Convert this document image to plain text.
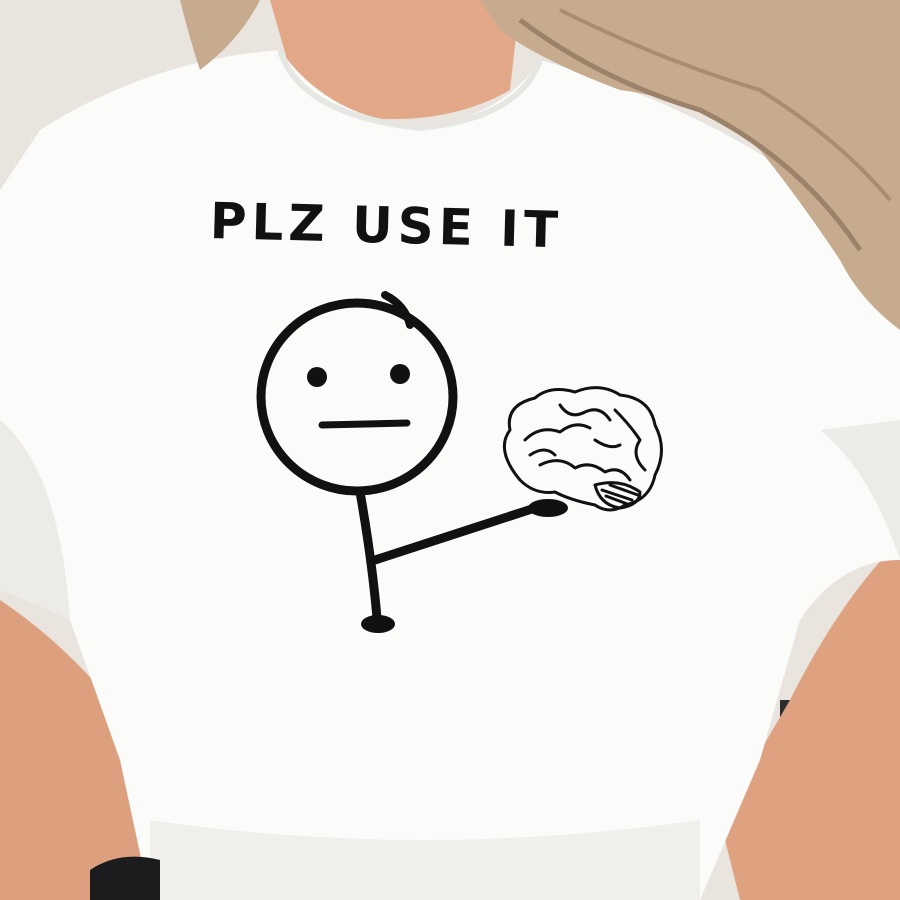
PLZ USE IT
